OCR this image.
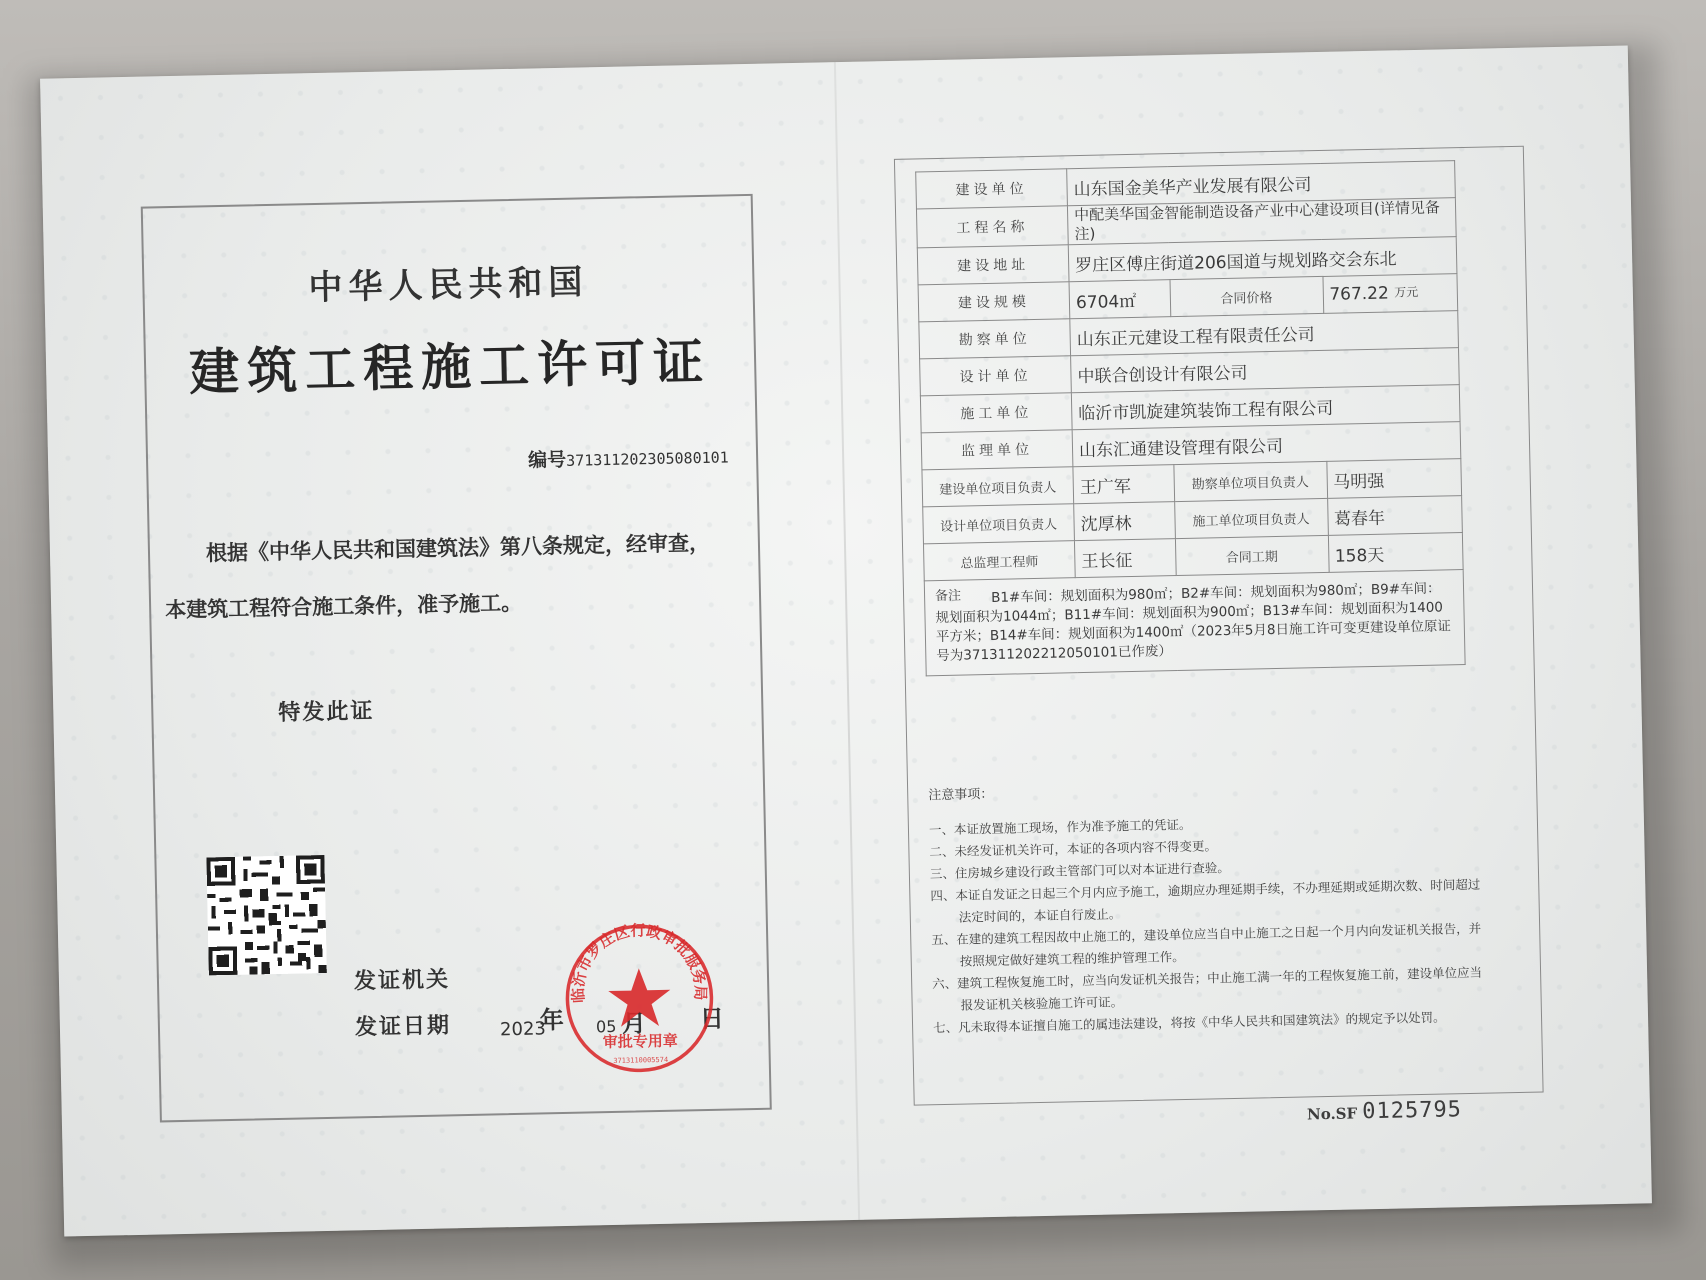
中华人民共和国
建筑工程施工许可证
编号371311202305080101
根据《中华人民共和国建筑法》第八条规定，经审查，
本建筑工程符合施工条件，准予施工。
特发此证
发证机关
发证日期	2023
年 05 月 日
临沂市罗庄区行政审批服务局
审批专用章
3713110005574
建设单位	山东国金美华产业发展有限公司		
工程名称	中配美华国金智能制造设备产业中心建设项目(详情见备注)		
建设地址	罗庄区傅庄街道206国道与规划路交会东北		
建设规模	6704㎡	合同价格	767.22 $^{万元}$
勘察单位	山东正元建设工程有限责任公司		
设计单位	中联合创设计有限公司		
施工单位	临沂市凯旋建筑装饰工程有限公司		
监理单位	山东汇通建设管理有限公司		
建设单位项目负责人	王广军	勘察单位项目负责人	马明强
设计单位项目负责人	沈厚林	施工单位项目负责人	葛春年
总监理工程师	王长征	合同工期	158天

备注 B1#车间：规划面积为980㎡；B2#车间：规划面积为980㎡；B9#车间：规划面积为1044㎡；B11#车间：规划面积为900㎡；B13#车间：规划面积为1400平方米；B14#车间：规划面积为1400㎡（2023年5月8日施工许可变更建设单位原证号为371311202212050101已作废）			
注意事项：
一、本证放置施工现场，作为准予施工的凭证。
二、未经发证机关许可，本证的各项内容不得变更。
三、住房城乡建设行政主管部门可以对本证进行查验。
四、本证自发证之日起三个月内应予施工，逾期应办理延期手续，不办理延期或延期次数、时间超过法定时间的，本证自行废止。
五、在建的建筑工程因故中止施工的，建设单位应当自中止施工之日起一个月内向发证机关报告，并按照规定做好建筑工程的维护管理工作。
六、建筑工程恢复施工时，应当向发证机关报告；中止施工满一年的工程恢复施工前，建设单位应当报发证机关核验施工许可证。
七、凡未取得本证擅自施工的属违法建设，将按《中华人民共和国建筑法》的规定予以处罚。
No.SF 0125795
